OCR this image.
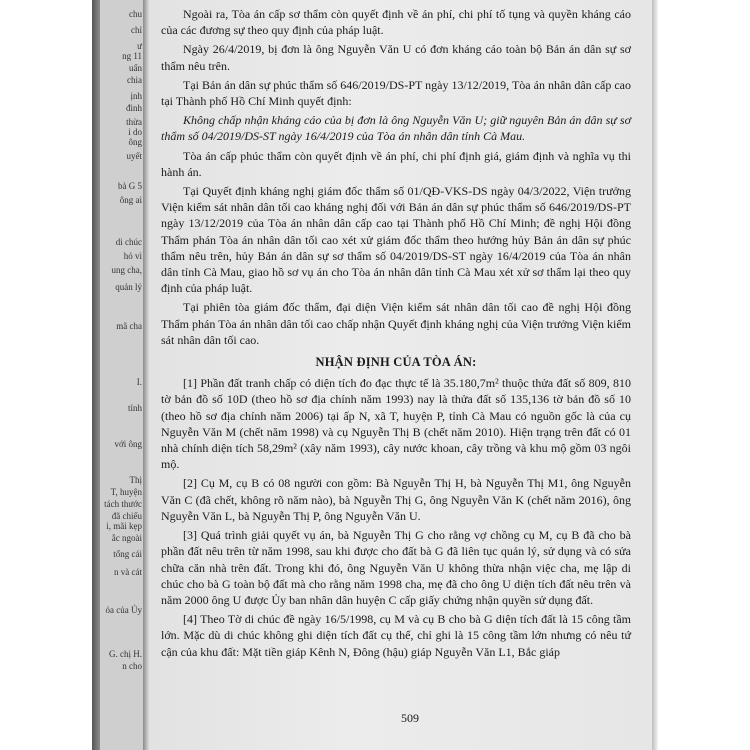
chu
chỉ
ư
ng 11
uẩn
chia
ịnh
đinh
thừa
i do
ông
uyết
bà G 5
ông ai
di chúc
hỏ vì
ung cha,
quản lý
mã cha
I.
tỉnh
với ông
Thị
T, huyện
tách thước
đã chiếu
i, mãi kẹp
ắc ngoài
tổng cái
n và cát
óa của Ủy
G. chị H.
n cho

Ngoài ra, Tòa án cấp sơ thẩm còn quyết định về án phí, chi phí tố tụng và quyền kháng cáo của các đương sự theo quy định của pháp luật.

Ngày 26/4/2019, bị đơn là ông Nguyễn Văn U có đơn kháng cáo toàn bộ Bản án dân sự sơ thẩm nêu trên.

Tại Bản án dân sự phúc thẩm số 646/2019/DS-PT ngày 13/12/2019, Tòa án nhân dân cấp cao tại Thành phố Hồ Chí Minh quyết định:

Không chấp nhận kháng cáo của bị đơn là ông Nguyễn Văn U; giữ nguyên Bản án dân sự sơ thẩm số 04/2019/DS-ST ngày 16/4/2019 của Tòa án nhân dân tỉnh Cà Mau.

Tòa án cấp phúc thẩm còn quyết định về án phí, chi phí định giá, giám định và nghĩa vụ thi hành án.

Tại Quyết định kháng nghị giám đốc thẩm số 01/QĐ-VKS-DS ngày 04/3/2022, Viện trưởng Viện kiểm sát nhân dân tối cao kháng nghị đối với Bản án dân sự phúc thẩm số 646/2019/DS-PT ngày 13/12/2019 của Tòa án nhân dân cấp cao tại Thành phố Hồ Chí Minh; đề nghị Hội đồng Thẩm phán Tòa án nhân dân tối cao xét xử giám đốc thẩm theo hướng hủy Bản án dân sự phúc thẩm nêu trên, hủy Bản án dân sự sơ thẩm số 04/2019/DS-ST ngày 16/4/2019 của Tòa án nhân dân tỉnh Cà Mau, giao hồ sơ vụ án cho Tòa án nhân dân tỉnh Cà Mau xét xử sơ thẩm lại theo quy định của pháp luật.

Tại phiên tòa giám đốc thẩm, đại diện Viện kiểm sát nhân dân tối cao đề nghị Hội đồng Thẩm phán Tòa án nhân dân tối cao chấp nhận Quyết định kháng nghị của Viện trưởng Viện kiểm sát nhân dân tối cao.

NHẬN ĐỊNH CỦA TÒA ÁN:

[1] Phần đất tranh chấp có diện tích đo đạc thực tế là 35.180,7m² thuộc thửa đất số 809, 810 tờ bản đồ số 10D (theo hồ sơ địa chính năm 1993) nay là thửa đất số 135,136 tờ bản đồ số 10 (theo hồ sơ địa chính năm 2006) tại ấp N, xã T, huyện P, tỉnh Cà Mau có nguồn gốc là của cụ Nguyễn Văn M (chết năm 1998) và cụ Nguyễn Thị B (chết năm 2010). Hiện trạng trên đất có 01 nhà chính diện tích 58,29m² (xây năm 1993), cây nước khoan, cây trồng và khu mộ gồm 03 ngôi mộ.

[2] Cụ M, cụ B có 08 người con gồm: Bà Nguyễn Thị H, bà Nguyễn Thị M1, ông Nguyễn Văn C (đã chết, không rõ năm nào), bà Nguyễn Thị G, ông Nguyễn Văn K (chết năm 2016), ông Nguyễn Văn L, bà Nguyễn Thị P, ông Nguyễn Văn U.

[3] Quá trình giải quyết vụ án, bà Nguyễn Thị G cho rằng vợ chồng cụ M, cụ B đã cho bà phần đất nêu trên từ năm 1998, sau khi được cho đất bà G đã liên tục quản lý, sử dụng và có sửa chữa căn nhà trên đất. Trong khi đó, ông Nguyễn Văn U không thừa nhận việc cha, mẹ lập di chúc cho bà G toàn bộ đất mà cho rằng năm 1998 cha, mẹ đã cho ông U diện tích đất nêu trên và năm 2000 ông U được Ủy ban nhân dân huyện C cấp giấy chứng nhận quyền sử dụng đất.

[4] Theo Tờ di chúc đề ngày 16/5/1998, cụ M và cụ B cho bà G diện tích đất là 15 công tầm lớn. Mặc dù di chúc không ghi diện tích đất cụ thể, chỉ ghi là 15 công tầm lớn nhưng có nêu tứ cận của khu đất: Mặt tiền giáp Kênh N, Đông (hậu) giáp Nguyễn Văn L1, Bắc giáp

509
